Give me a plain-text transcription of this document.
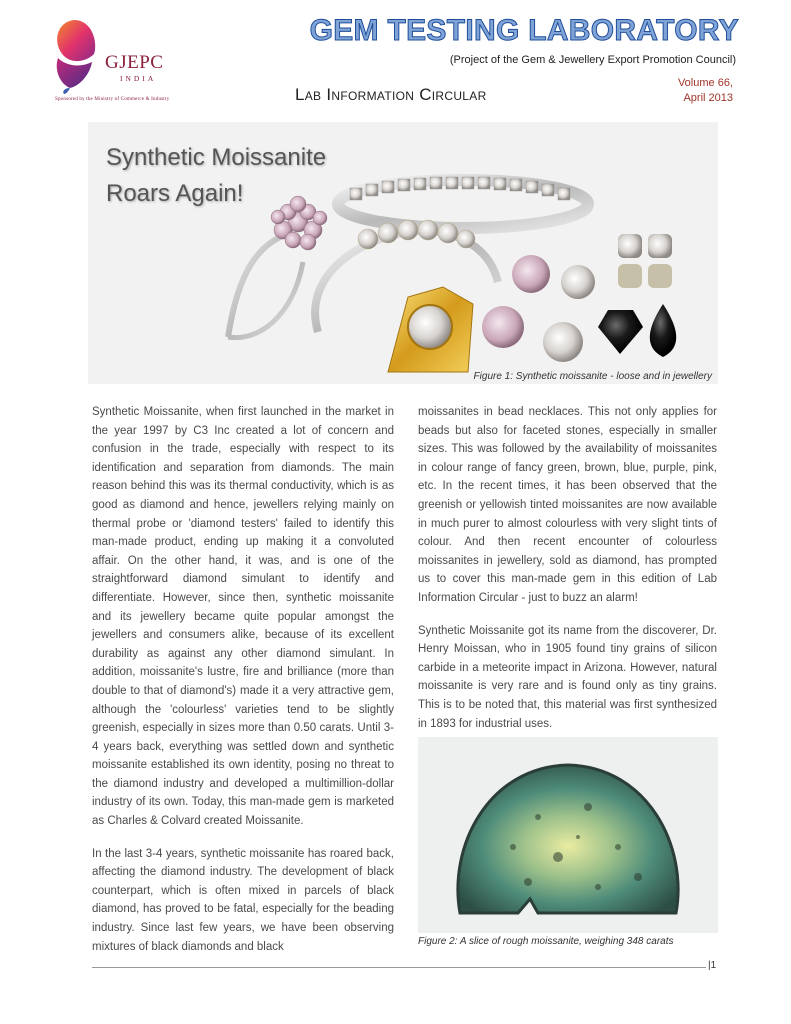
GJEPC
INDIA
Sponsored by the Ministry of Commerce & Industry
GEM TESTING LABORATORY
(Project of the Gem & Jewellery Export Promotion Council)
Lab Information Circular
Volume 66,
April 2013
Synthetic Moissanite
Roars Again!
Figure 1: Synthetic moissanite - loose and in jewellery

Synthetic Moissanite, when first launched in the market in the year 1997 by C3 Inc created a lot of concern and confusion in the trade, especially with respect to its identification and separation from diamonds. The main reason behind this was its thermal conductivity, which is as good as diamond and hence, jewellers relying mainly on thermal probe or 'diamond testers' failed to identify this man-made product, ending up making it a convoluted affair. On the other hand, it was, and is one of the straightforward diamond simulant to identify and differentiate. However, since then, synthetic moissanite and its jewellery became quite popular amongst the jewellers and consumers alike, because of its excellent durability as against any other diamond simulant. In addition, moissanite's lustre, fire and brilliance (more than double to that of diamond's) made it a very attractive gem, although the 'colourless' varieties tend to be slightly greenish, especially in sizes more than 0.50 carats. Until 3-4 years back, everything was settled down and synthetic moissanite established its own identity, posing no threat to the diamond industry and developed a multimillion-dollar industry of its own. Today, this man-made gem is marketed as Charles & Colvard created Moissanite.

In the last 3-4 years, synthetic moissanite has roared back, affecting the diamond industry. The development of black counterpart, which is often mixed in parcels of black diamond, has proved to be fatal, especially for the beading industry. Since last few years, we have been observing mixtures of black diamonds and black

moissanites in bead necklaces. This not only applies for beads but also for faceted stones, especially in smaller sizes. This was followed by the availability of moissanites in colour range of fancy green, brown, blue, purple, pink, etc. In the recent times, it has been observed that the greenish or yellowish tinted moissanites are now available in much purer to almost colourless with very slight tints of colour. And then recent encounter of colourless moissanites in jewellery, sold as diamond, has prompted us to cover this man-made gem in this edition of Lab Information Circular - just to buzz an alarm!

Synthetic Moissanite got its name from the discoverer, Dr. Henry Moissan, who in 1905 found tiny grains of silicon carbide in a meteorite impact in Arizona. However, natural moissanite is very rare and is found only as tiny grains. This is to be noted that, this material was first synthesized in 1893 for industrial uses.

Figure 2: A slice of rough moissanite, weighing 348 carats
|1
